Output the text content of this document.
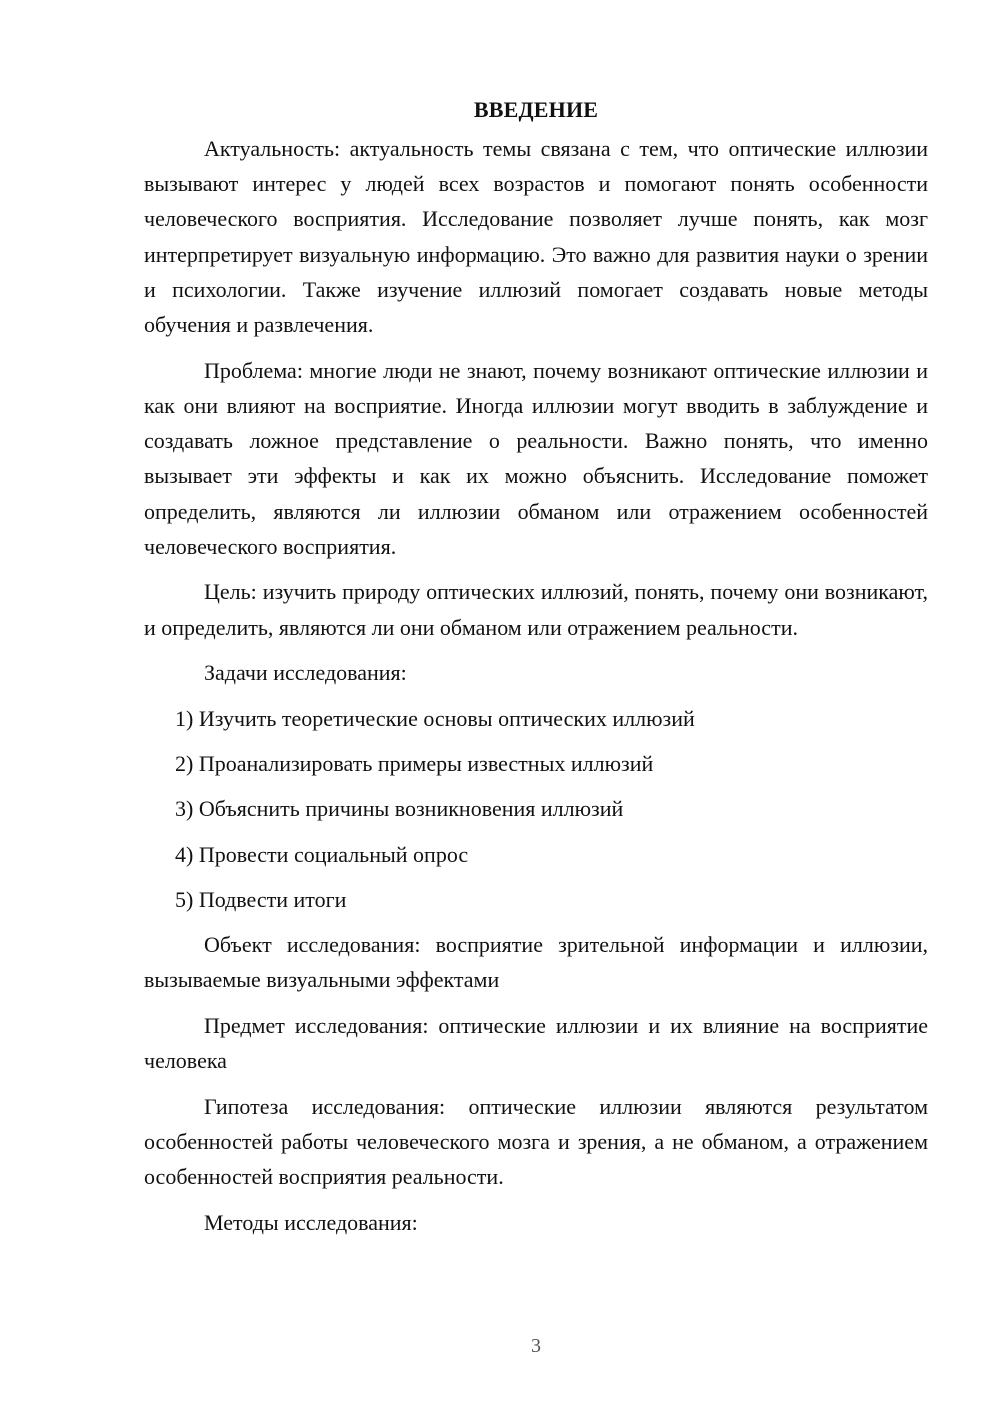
ВВЕДЕНИЕ

Актуальность: актуальность темы связана с тем, что оптические иллюзии вызывают интерес у людей всех возрастов и помогают понять особенности человеческого восприятия. Исследование позволяет лучше понять, как мозг интерпретирует визуальную информацию. Это важно для развития науки о зрении и психологии. Также изучение иллюзий помогает создавать новые методы обучения и развлечения.

Проблема: многие люди не знают, почему возникают оптические иллюзии и как они влияют на восприятие. Иногда иллюзии могут вводить в заблуждение и создавать ложное представление о реальности. Важно понять, что именно вызывает эти эффекты и как их можно объяснить. Исследование поможет определить, являются ли иллюзии обманом или отражением особенностей человеческого восприятия.

Цель: изучить природу оптических иллюзий, понять, почему они возникают, и определить, являются ли они обманом или отражением реальности.

Задачи исследования:

1) Изучить теоретические основы оптических иллюзий
2) Проанализировать примеры известных иллюзий
3) Объяснить причины возникновения иллюзий
4) Провести социальный опрос
5) Подвести итоги

Объект исследования: восприятие зрительной информации и иллюзии, вызываемые визуальными эффектами

Предмет исследования: оптические иллюзии и их влияние на восприятие человека

Гипотеза исследования: оптические иллюзии являются результатом особенностей работы человеческого мозга и зрения, а не обманом, а отражением особенностей восприятия реальности.

Методы исследования:

3
